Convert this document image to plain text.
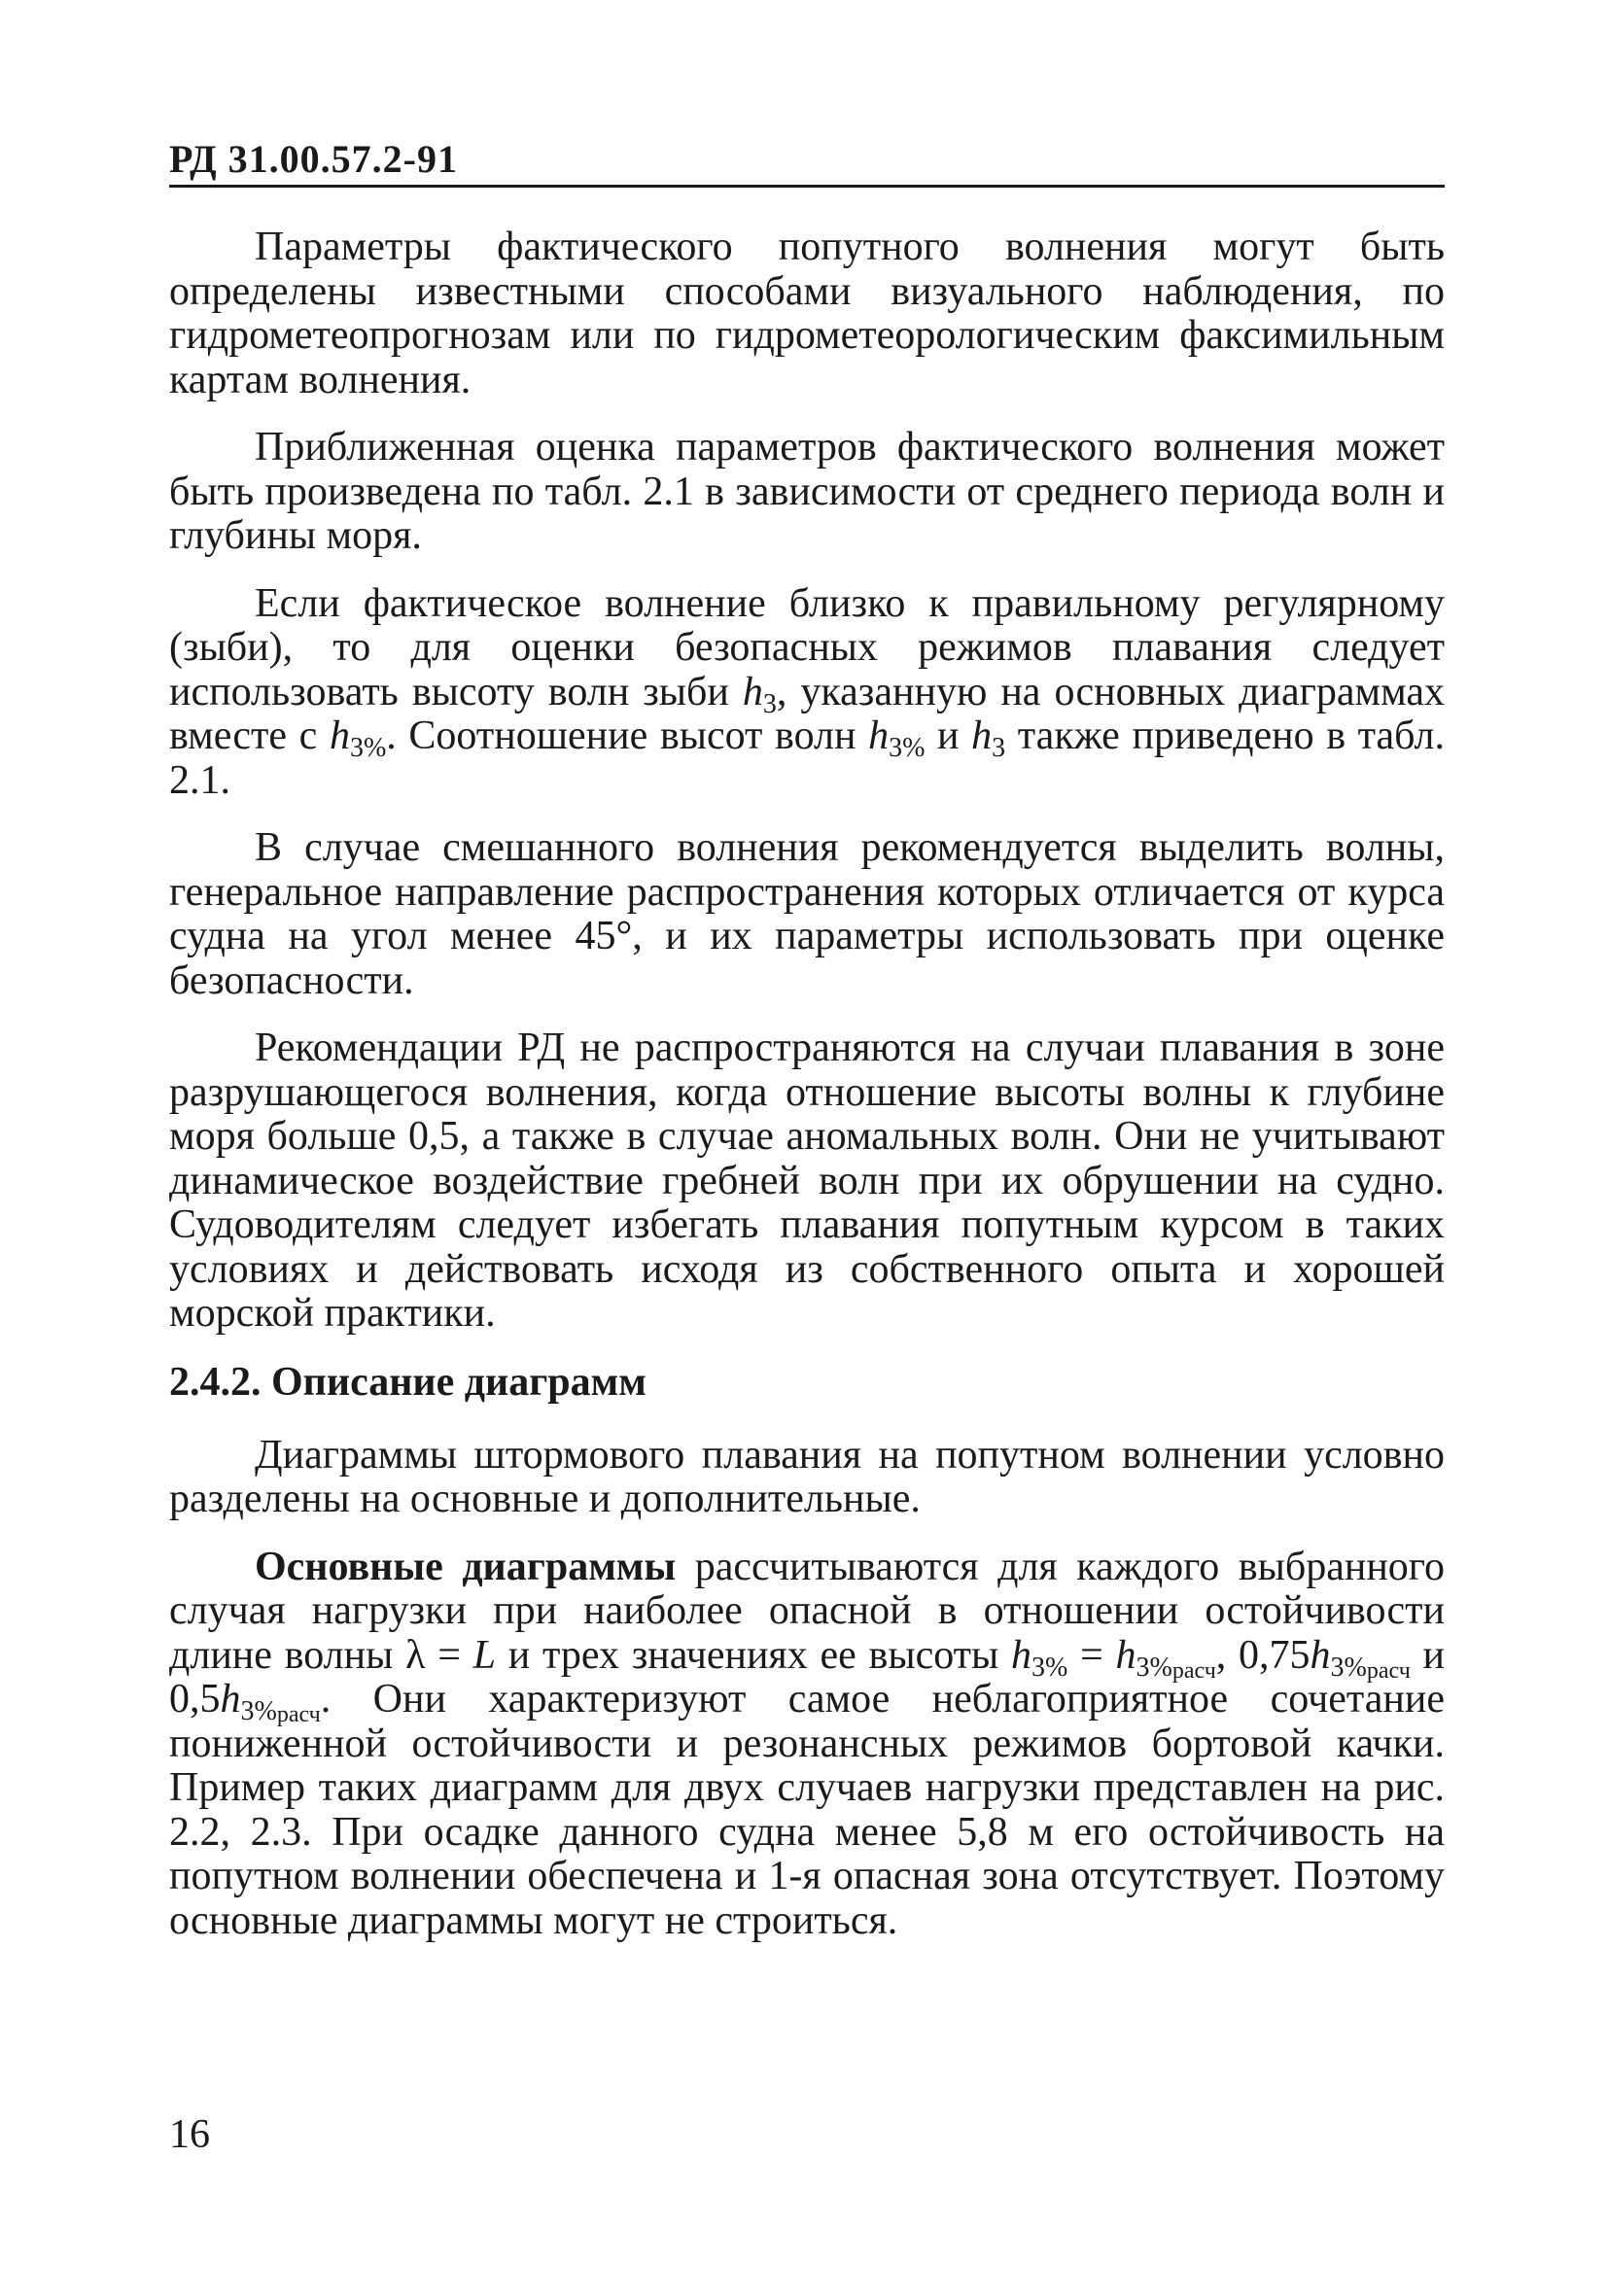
РД 31.00.57.2-91

Параметры фактического попутного волнения могут быть определены известными способами визуального наблюдения, по гидрометеопрогнозам или по гидрометеорологическим факсимильным картам волнения.

Приближенная оценка параметров фактического волнения может быть произведена по табл. 2.1 в зависимости от среднего периода волн и глубины моря.

Если фактическое волнение близко к правильному регулярному (зыби), то для оценки безопасных режимов плавания следует использовать высоту волн зыби $h_3$, указанную на основных диаграммах вместе с $h_{3\%}$. Соотношение высот волн $h_{3\%}$ и $h_3$ также приведено в табл. 2.1.

В случае смешанного волнения рекомендуется выделить волны, генеральное направление распространения которых отличается от курса судна на угол менее 45°, и их параметры использовать при оценке безопасности.

Рекомендации РД не распространяются на случаи плавания в зоне разрушающегося волнения, когда отношение высоты волны к глубине моря больше 0,5, а также в случае аномальных волн. Они не учитывают динамическое воздействие гребней волн при их обрушении на судно. Судоводителям следует избегать плавания попутным курсом в таких условиях и действовать исходя из собственного опыта и хорошей морской практики.

2.4.2. Описание диаграмм

Диаграммы штормового плавания на попутном волнении условно разделены на основные и дополнительные.

Основные диаграммы рассчитываются для каждого выбранного случая нагрузки при наиболее опасной в отношении остойчивости длине волны λ = L и трех значениях ее высоты $h_{3\%} = h_{3\%_{расч}}$, $0,75h_{3\%_{расч}}$ и $0,5h_{3\%_{расч}}$. Они характеризуют самое неблагоприятное сочетание пониженной остойчивости и резонансных режимов бортовой качки. Пример таких диаграмм для двух случаев нагрузки представлен на рис. 2.2, 2.3. При осадке данного судна менее 5,8 м его остойчивость на попутном волнении обеспечена и 1-я опасная зона отсутствует. Поэтому основные диаграммы могут не строиться.

16
